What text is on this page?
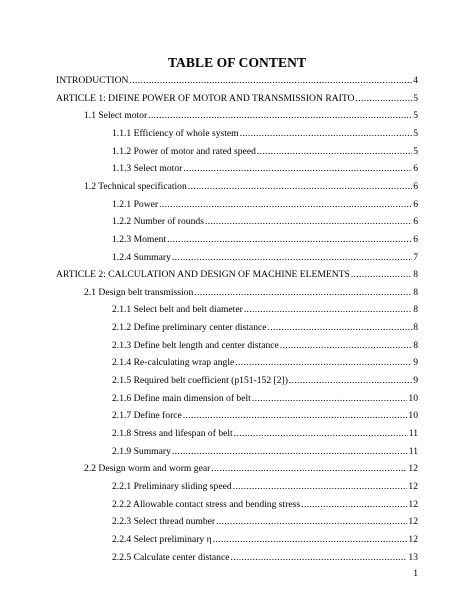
TABLE OF CONTENT
INTRODUCTION .....	4
ARTICLE 1: DIFINE POWER OF MOTOR AND TRANSMISSION RAITO .....	5
1.1 Select motor .....	5
1.1.1 Efficiency of whole system .....	5
1.1.2 Power of motor and rated speed .....	5
1.1.3 Select motor .....	6
1.2 Technical specification .....	6
1.2.1 Power .....	6
1.2.2 Number of rounds .....	6
1.2.3 Moment .....	6
1.2.4 Summary .....	7
ARTICLE 2: CALCULATION AND DESIGN OF MACHINE ELEMENTS .....	8
2.1 Design belt transmission .....	8
2.1.1 Select belt and belt diameter .....	8
2.1.2 Define preliminary center distance .....	8
2.1.3 Define belt length and center distance .....	8
2.1.4 Re-calculating wrap angle .....	9
2.1.5 Required belt coefficient (p151-152 [2]) .....	9
2.1.6 Define main dimension of belt .....	10
2.1.7 Define force .....	10
2.1.8 Stress and lifespan of belt .....	11
2.1.9 Summary .....	11
2.2 Design worm and worm gear .....	12
2.2.1 Preliminary sliding speed .....	12
2.2.2 Allowable contact stress and bending stress .....	12
2.2.3 Select thread number .....	12
2.2.4 Select preliminary η .....	12
2.2.5 Calculate center distance .....	13
1
